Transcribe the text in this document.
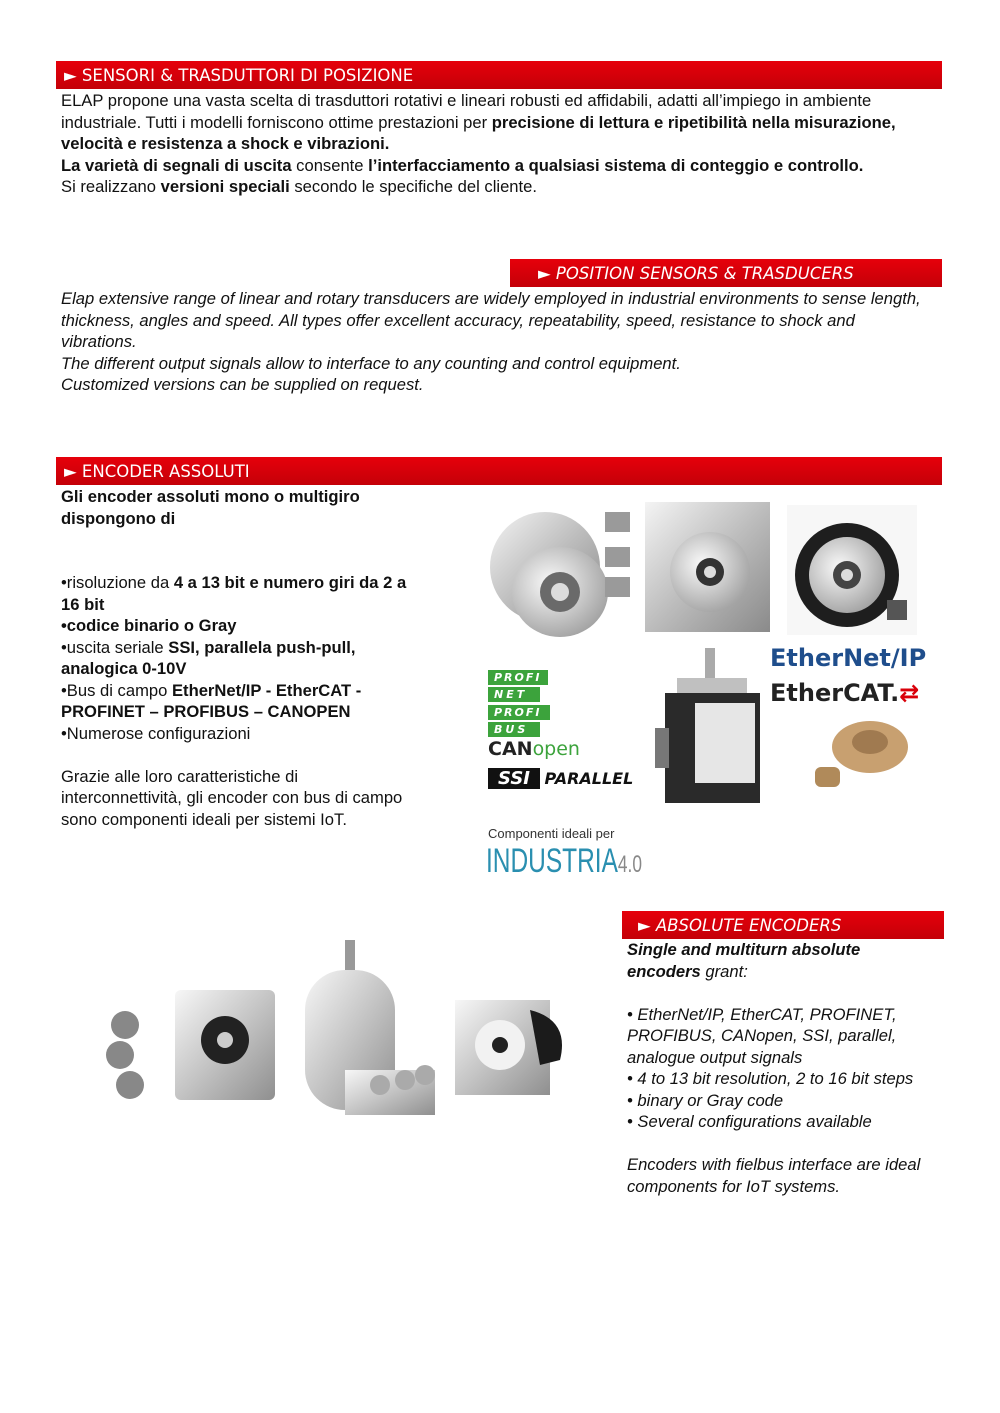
► SENSORI & TRASDUTTORI DI POSIZIONE
ELAP propone una vasta scelta di trasduttori rotativi e lineari robusti ed affidabili, adatti all’impiego in ambiente industriale. Tutti i modelli forniscono ottime prestazioni per precisione di lettura e ripetibilità nella misurazione, velocità e resistenza a shock e vibrazioni.
La varietà di segnali di uscita consente l’interfacciamento a qualsiasi sistema di conteggio e controllo.
Si realizzano versioni speciali secondo le specifiche del cliente.
► POSITION SENSORS & TRASDUCERS
Elap extensive range of linear and rotary transducers are widely employed in industrial environments to sense length, thickness, angles and speed. All types offer excellent accuracy, repeatability, speed, resistance to shock and vibrations.
The different output signals allow to interface to any counting and control equipment.
Customized versions can be supplied on request.
► ENCODER ASSOLUTI
Gli encoder assoluti mono o multigiro dispongono di

•risoluzione da 4 a 13 bit e numero giri da 2 a 16 bit
•codice binario o Gray
•uscita seriale SSI, parallela push-pull, analogica 0-10V
•Bus di campo EtherNet/IP - EtherCAT - PROFINET – PROFIBUS – CANOPEN
•Numerose configurazioni

Grazie alle loro caratteristiche di interconnettività, gli encoder con bus di campo sono componenti ideali per sistemi IoT.
PROFI
NET
PROFI
BUS
CANopen
SSI PARALLEL
EtherNet/IP
EtherCAT.⇄
Componenti ideali per
INDUSTRIA4.0
► ABSOLUTE ENCODERS
Single and multiturn absolute encoders grant:

• EtherNet/IP, EtherCAT, PROFINET, PROFIBUS, CANopen, SSI, parallel, analogue output signals
• 4 to 13 bit resolution, 2 to 16 bit steps
• binary or Gray code
• Several configurations available

Encoders with fielbus interface are ideal components for IoT systems.
